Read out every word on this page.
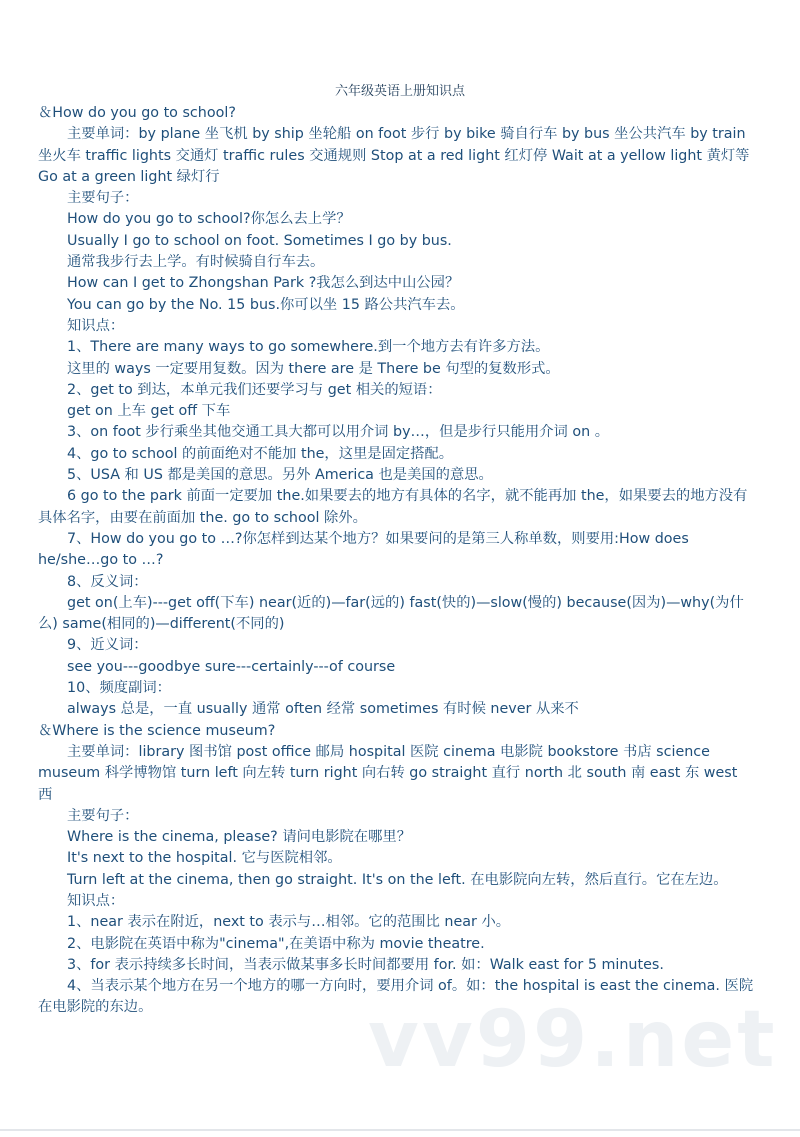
六年级英语上册知识点

＆How do you go to school?

主要单词：by plane 坐飞机 by ship 坐轮船 on foot 步行 by bike 骑自行车 by bus 坐公共汽车 by train 坐火车 traffic lights 交通灯 traffic rules 交通规则 Stop at a red light 红灯停 Wait at a yellow light 黄灯等 Go at a green light 绿灯行

主要句子：

How do you go to school?你怎么去上学？

Usually I go to school on foot. Sometimes I go by bus.

通常我步行去上学。有时候骑自行车去。

How can I get to Zhongshan Park ?我怎么到达中山公园？

You can go by the No. 15 bus.你可以坐 15 路公共汽车去。

知识点：

1、There are many ways to go somewhere.到一个地方去有许多方法。

这里的 ways 一定要用复数。因为 there are 是 There be 句型的复数形式。

2、get to 到达，本单元我们还要学习与 get 相关的短语：

get on 上车 get off 下车

3、on foot 步行乘坐其他交通工具大都可以用介词 by…，但是步行只能用介词 on 。

4、go to school 的前面绝对不能加 the，这里是固定搭配。

5、USA 和 US 都是美国的意思。另外 America 也是美国的意思。

6 go to the park 前面一定要加 the.如果要去的地方有具体的名字，就不能再加 the，如果要去的地方没有具体名字，由要在前面加 the. go to school 除外。

7、How do you go to …?你怎样到达某个地方？如果要问的是第三人称单数，则要用:How does he/she…go to …?

8、反义词：

get on(上车)---get off(下车) near(近的)—far(远的) fast(快的)—slow(慢的) because(因为)—why(为什么) same(相同的)—different(不同的)

9、近义词：

see you---goodbye sure---certainly---of course

10、频度副词：

always 总是，一直 usually 通常 often 经常 sometimes 有时候 never 从来不

＆Where is the science museum?

主要单词：library 图书馆 post office 邮局 hospital 医院 cinema 电影院 bookstore 书店 science museum 科学博物馆 turn left 向左转 turn right 向右转 go straight 直行 north 北 south 南 east 东 west 西

主要句子：

Where is the cinema, please? 请问电影院在哪里？

It's next to the hospital. 它与医院相邻。

Turn left at the cinema, then go straight. It's on the left. 在电影院向左转，然后直行。它在左边。

知识点：

1、near 表示在附近，next to 表示与…相邻。它的范围比 near 小。

2、电影院在英语中称为"cinema",在美语中称为 movie theatre.

3、for 表示持续多长时间，当表示做某事多长时间都要用 for. 如：Walk east for 5 minutes.

4、当表示某个地方在另一个地方的哪一方向时，要用介词 of。如：the hospital is east the cinema. 医院在电影院的东边。	vv99.net
